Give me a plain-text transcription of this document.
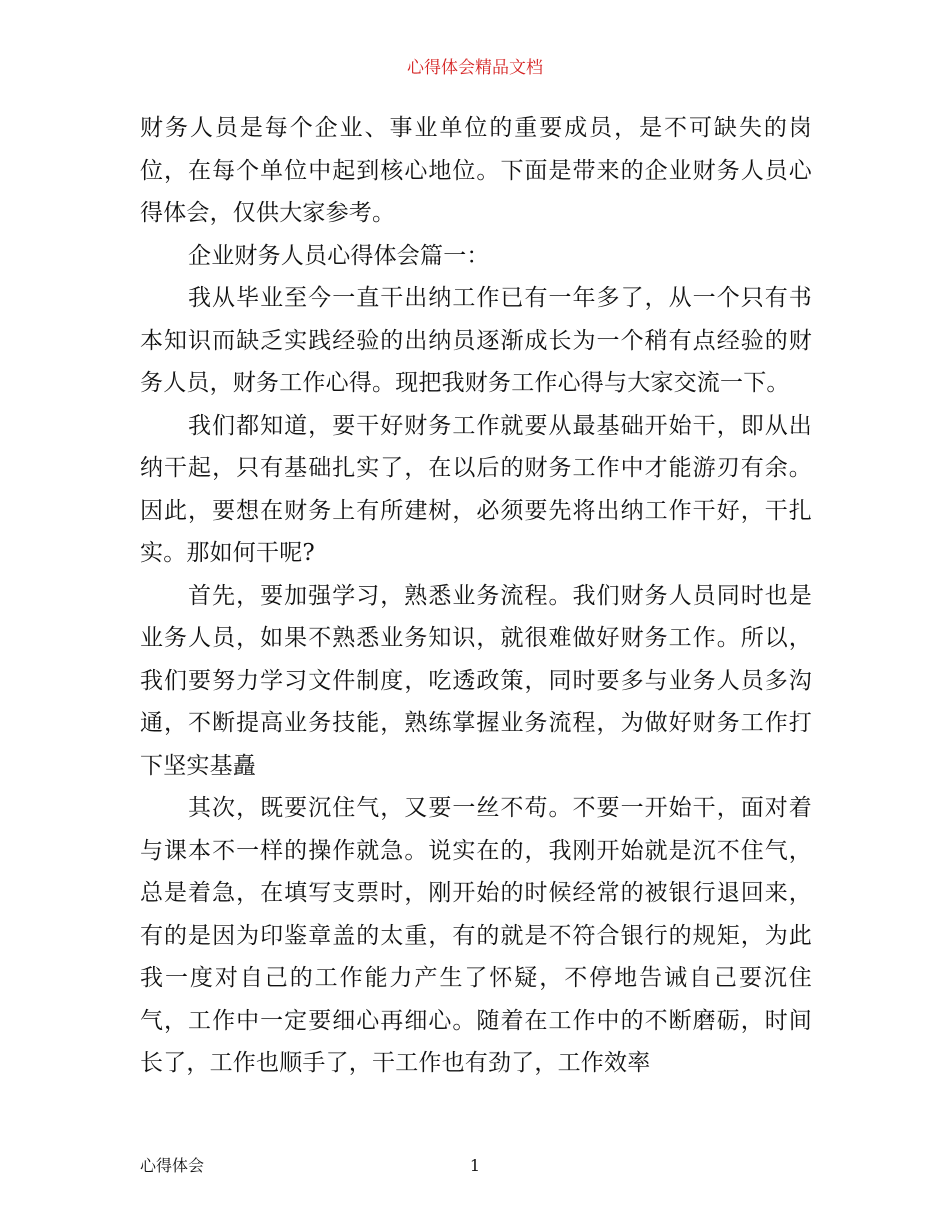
心得体会精品文档

财务人员是每个企业、事业单位的重要成员，是不可缺失的岗位，在每个单位中起到核心地位。下面是带来的企业财务人员心得体会，仅供大家参考。

企业财务人员心得体会篇一：

我从毕业至今一直干出纳工作已有一年多了，从一个只有书本知识而缺乏实践经验的出纳员逐渐成长为一个稍有点经验的财务人员，财务工作心得。现把我财务工作心得与大家交流一下。

我们都知道，要干好财务工作就要从最基础开始干，即从出纳干起，只有基础扎实了，在以后的财务工作中才能游刃有余。因此，要想在财务上有所建树，必须要先将出纳工作干好，干扎实。那如何干呢?

首先，要加强学习，熟悉业务流程。我们财务人员同时也是业务人员，如果不熟悉业务知识，就很难做好财务工作。所以，我们要努力学习文件制度，吃透政策，同时要多与业务人员多沟通，不断提高业务技能，熟练掌握业务流程，为做好财务工作打下坚实基矗

其次，既要沉住气，又要一丝不苟。不要一开始干，面对着与课本不一样的操作就急。说实在的，我刚开始就是沉不住气，总是着急，在填写支票时，刚开始的时候经常的被银行退回来，有的是因为印鉴章盖的太重，有的就是不符合银行的规矩，为此我一度对自己的工作能力产生了怀疑，不停地告诫自己要沉住气，工作中一定要细心再细心。随着在工作中的不断磨砺，时间长了，工作也顺手了，干工作也有劲了，工作效率

心得体会	1
